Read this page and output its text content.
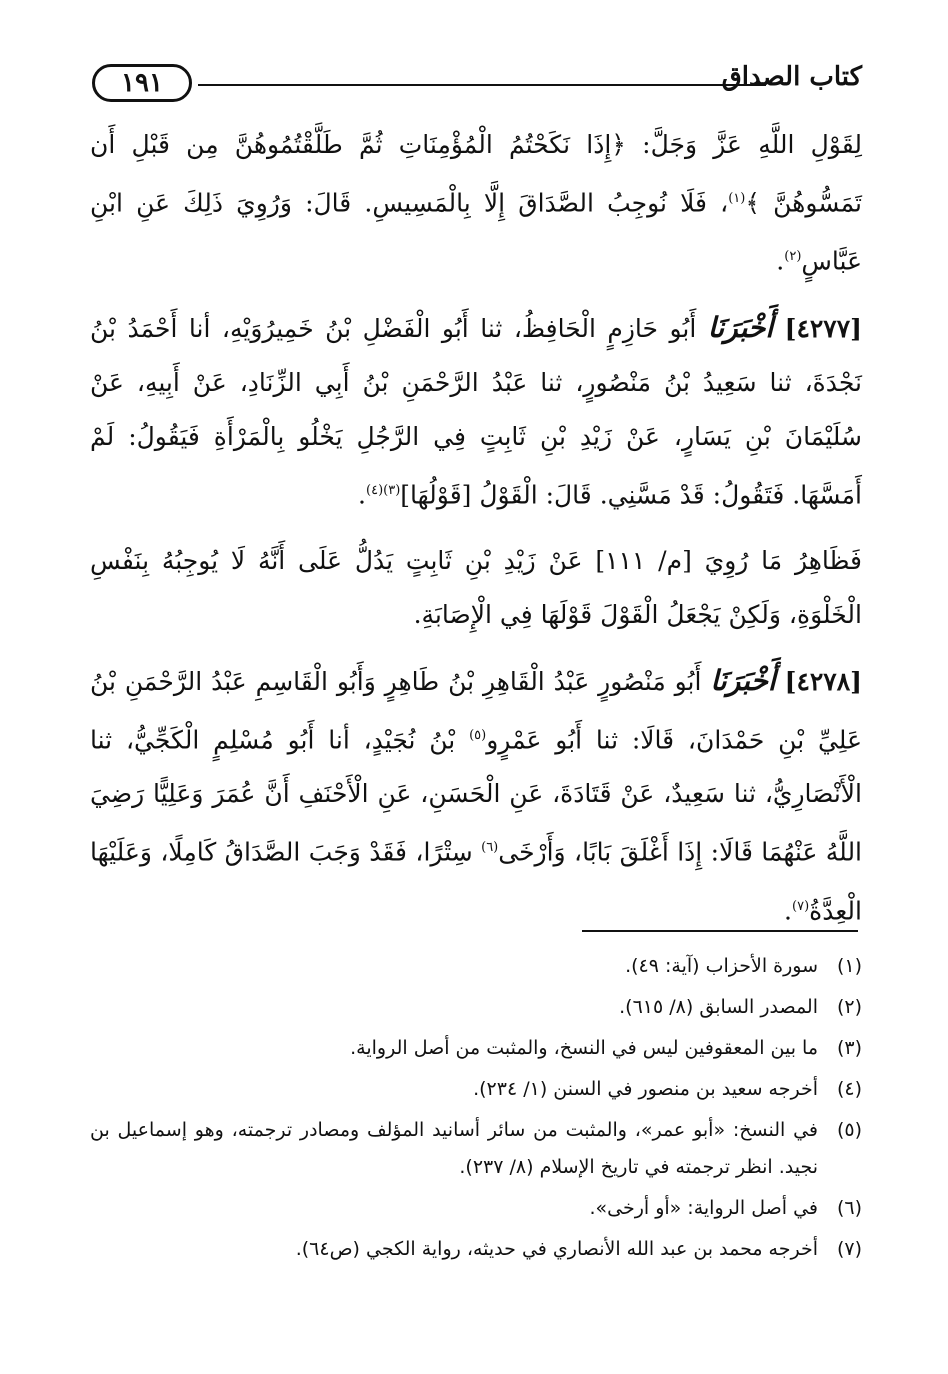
كتاب الصداق
١٩١

لِقَوْلِ اللَّهِ عَزَّ وَجَلَّ: ﴿إِذَا نَكَحْتُمُ الْمُؤْمِنَاتِ ثُمَّ طَلَّقْتُمُوهُنَّ مِن قَبْلِ أَن تَمَسُّوهُنَّ ﴾$^{(١)}$، فَلَا نُوجِبُ الصَّدَاقَ إِلَّا بِالْمَسِيسِ. قَالَ: وَرُوِيَ ذَلِكَ عَنِ ابْنِ عَبَّاسٍ$^{(٢)}$.

[٤٢٧٧] أَخْبَرَنَا أَبُو حَازِمٍ الْحَافِظُ، ثنا أَبُو الْفَضْلِ بْنُ خَمِيرُوَيْهِ، أنا أَحْمَدُ بْنُ نَجْدَةَ، ثنا سَعِيدُ بْنُ مَنْصُورٍ، ثنا عَبْدُ الرَّحْمَنِ بْنُ أَبِي الزِّنَادِ، عَنْ أَبِيهِ، عَنْ سُلَيْمَانَ بْنِ يَسَارٍ، عَنْ زَيْدِ بْنِ ثَابِتٍ فِي الرَّجُلِ يَخْلُو بِالْمَرْأَةِ فَيَقُولُ: لَمْ أَمَسَّهَا. فَتَقُولُ: قَدْ مَسَّنِي. قَالَ: الْقَوْلُ [قَوْلُهَا]$^{(٣)(٤)}$.

فَظَاهِرُ مَا رُوِيَ [م/ ١١١] عَنْ زَيْدِ بْنِ ثَابِتٍ يَدُلُّ عَلَى أَنَّهُ لَا يُوجِبُهُ بِنَفْسِ الْخَلْوَةِ، وَلَكِنْ يَجْعَلُ الْقَوْلَ قَوْلَهَا فِي الْإِصَابَةِ.

[٤٢٧٨] أَخْبَرَنَا أَبُو مَنْصُورٍ عَبْدُ الْقَاهِرِ بْنُ طَاهِرٍ وَأَبُو الْقَاسِمِ عَبْدُ الرَّحْمَنِ بْنُ عَلِيِّ بْنِ حَمْدَانَ، قَالَا: ثنا أَبُو عَمْرٍو$^{(٥)}$ بْنُ نُجَيْدٍ، أنا أَبُو مُسْلِمٍ الْكَجِّيُّ، ثنا الْأَنْصَارِيُّ، ثنا سَعِيدٌ، عَنْ قَتَادَةَ، عَنِ الْحَسَنِ، عَنِ الْأَحْنَفِ أَنَّ عُمَرَ وَعَلِيًّا رَضِيَ اللَّهُ عَنْهُمَا قَالَا: إِذَا أَغْلَقَ بَابًا، وَأَرْخَى$^{(٦)}$ سِتْرًا، فَقَدْ وَجَبَ الصَّدَاقُ كَامِلًا، وَعَلَيْهَا الْعِدَّةُ$^{(٧)}$.

(١)
سورة الأحزاب (آية: ٤٩).
(٢)
المصدر السابق (٨/ ٦١٥).
(٣)
ما بين المعقوفين ليس في النسخ، والمثبت من أصل الرواية.
(٤)
أخرجه سعيد بن منصور في السنن (١/ ٢٣٤).
(٥)
في النسخ: «أبو عمر»، والمثبت من سائر أسانيد المؤلف ومصادر ترجمته، وهو إسماعيل بن نجيد. انظر ترجمته في تاريخ الإسلام (٨/ ٢٣٧).
(٦)
في أصل الرواية: «أو أرخى».
(٧)
أخرجه محمد بن عبد الله الأنصاري في حديثه، رواية الكجي (ص٦٤).
